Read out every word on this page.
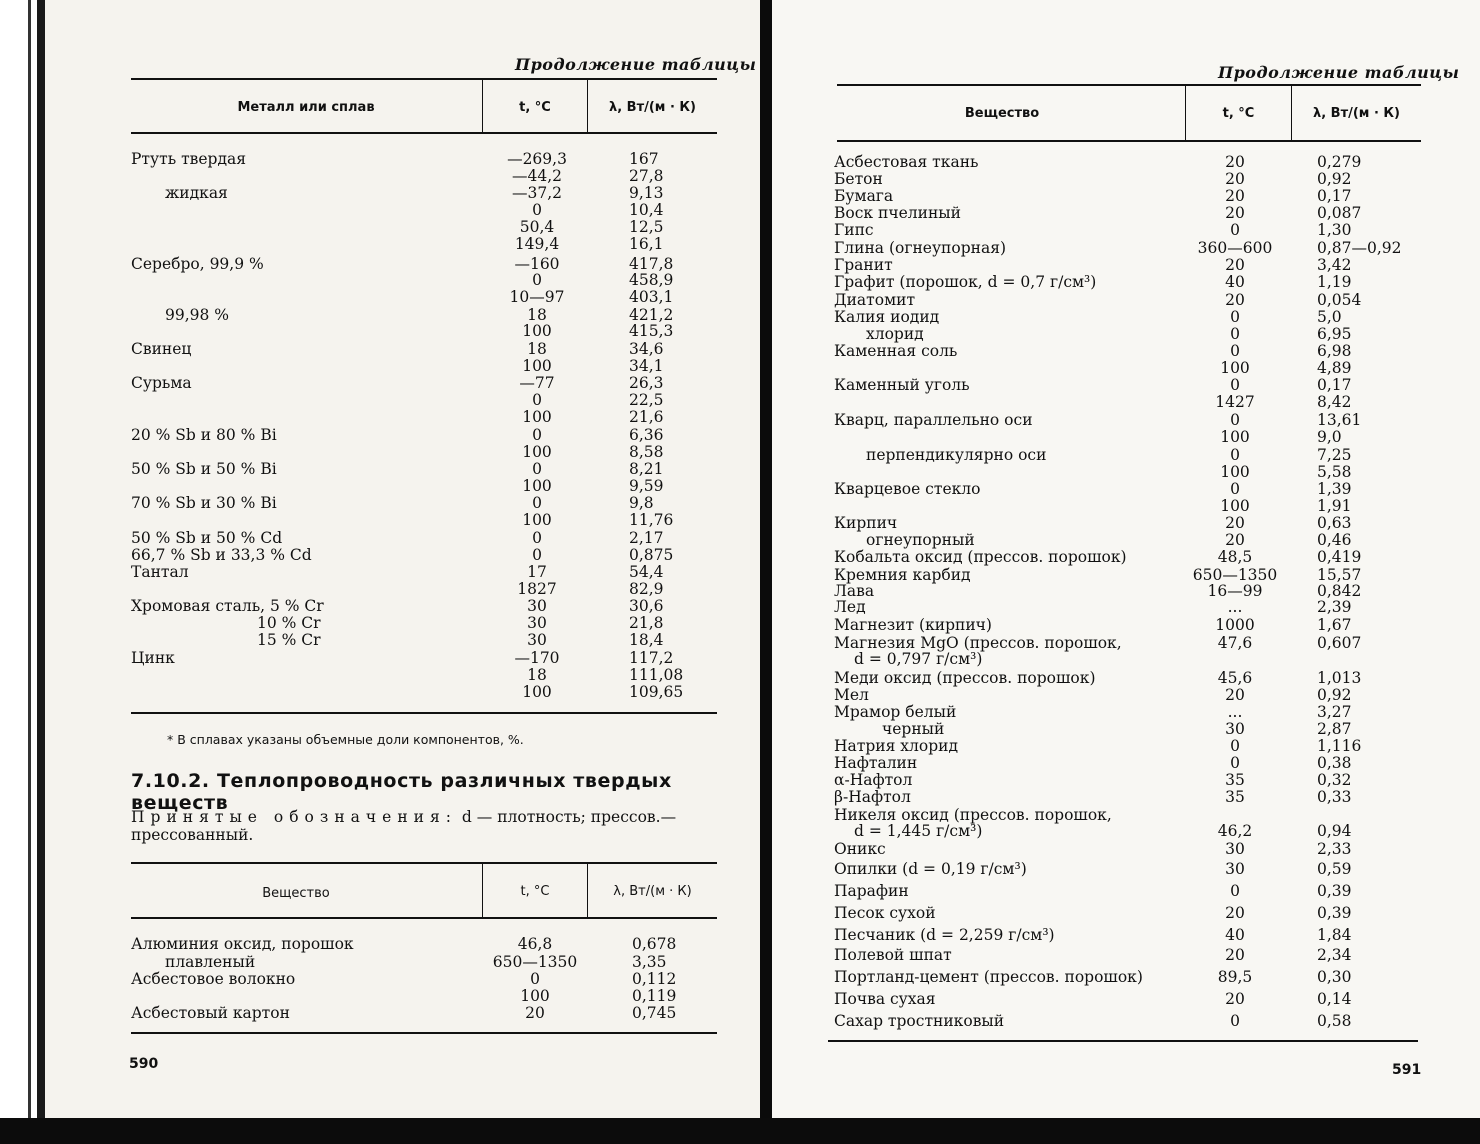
Продолжение таблицы
Металл или сплав	t, °C	λ, Вт/(м · К)
Ртуть твердая	—269,3	167
—44,2	27,8
жидкая	—37,2	9,13
0	10,4
50,4	12,5
149,4	16,1
Серебро, 99,9 %	—160	417,8
0	458,9
10—97	403,1
99,98 %	18	421,2
100	415,3
Свинец	18	34,6
100	34,1
Сурьма	—77	26,3
0	22,5
100	21,6
20 % Sb и 80 % Bi	0	6,36
100	8,58
50 % Sb и 50 % Bi	0	8,21
100	9,59
70 % Sb и 30 % Bi	0	9,8
100	11,76
50 % Sb и 50 % Cd	0	2,17
66,7 % Sb и 33,3 % Cd	0	0,875
Тантал	17	54,4
1827	82,9
Хромовая сталь, 5 % Cr	30	30,6
10 % Cr	30	21,8
15 % Cr	30	18,4
Цинк	—170	117,2
18	111,08
100	109,65
* В сплавах указаны объемные доли компонентов, %.
7.10.2. Теплопроводность различных твердых веществ
Принятые обозначения: d — плотность; прессов.— прессованный.
Вещество	t, °C	λ, Вт/(м · К)
Алюминия оксид, порошок	46,8	0,678
плавленый	650—1350	3,35
Асбестовое волокно	0	0,112
100	0,119
Асбестовый картон	20	0,745
590
Продолжение таблицы
Вещество	t, °C	λ, Вт/(м · К)
Асбестовая ткань	20	0,279
Бетон	20	0,92
Бумага	20	0,17
Воск пчелиный	20	0,087
Гипс	0	1,30
Глина (огнеупорная)	360—600	0,87—0,92
Гранит	20	3,42
Графит (порошок, d = 0,7 г/см³)	40	1,19
Диатомит	20	0,054
Калия иодид	0	5,0
хлорид	0	6,95
Каменная соль	0	6,98
100	4,89
Каменный уголь	0	0,17
1427	8,42
Кварц, параллельно оси	0	13,61
100	9,0
перпендикулярно оси	0	7,25
100	5,58
Кварцевое стекло	0	1,39
100	1,91
Кирпич	20	0,63
огнеупорный	20	0,46
Кобальта оксид (прессов. порошок)	48,5	0,419
Кремния карбид	650—1350	15,57
Лава	16—99	0,842
Лед	...	2,39
Магнезит (кирпич)	1000	1,67
Магнезия MgO (прессов. порошок,	47,6	0,607
d = 0,797 г/см³)
Меди оксид (прессов. порошок)	45,6	1,013
Мел	20	0,92
Мрамор белый	...	3,27
черный	30	2,87
Натрия хлорид	0	1,116
Нафталин	0	0,38
α-Нафтол	35	0,32
β-Нафтол	35	0,33
Никеля оксид (прессов. порошок,
d = 1,445 г/см³)	46,2	0,94
Оникс	30	2,33
Опилки (d = 0,19 г/см³)	30	0,59
Парафин	0	0,39
Песок сухой	20	0,39
Песчаник (d = 2,259 г/см³)	40	1,84
Полевой шпат	20	2,34
Портланд-цемент (прессов. порошок)	89,5	0,30
Почва сухая	20	0,14
Сахар тростниковый	0	0,58
591
